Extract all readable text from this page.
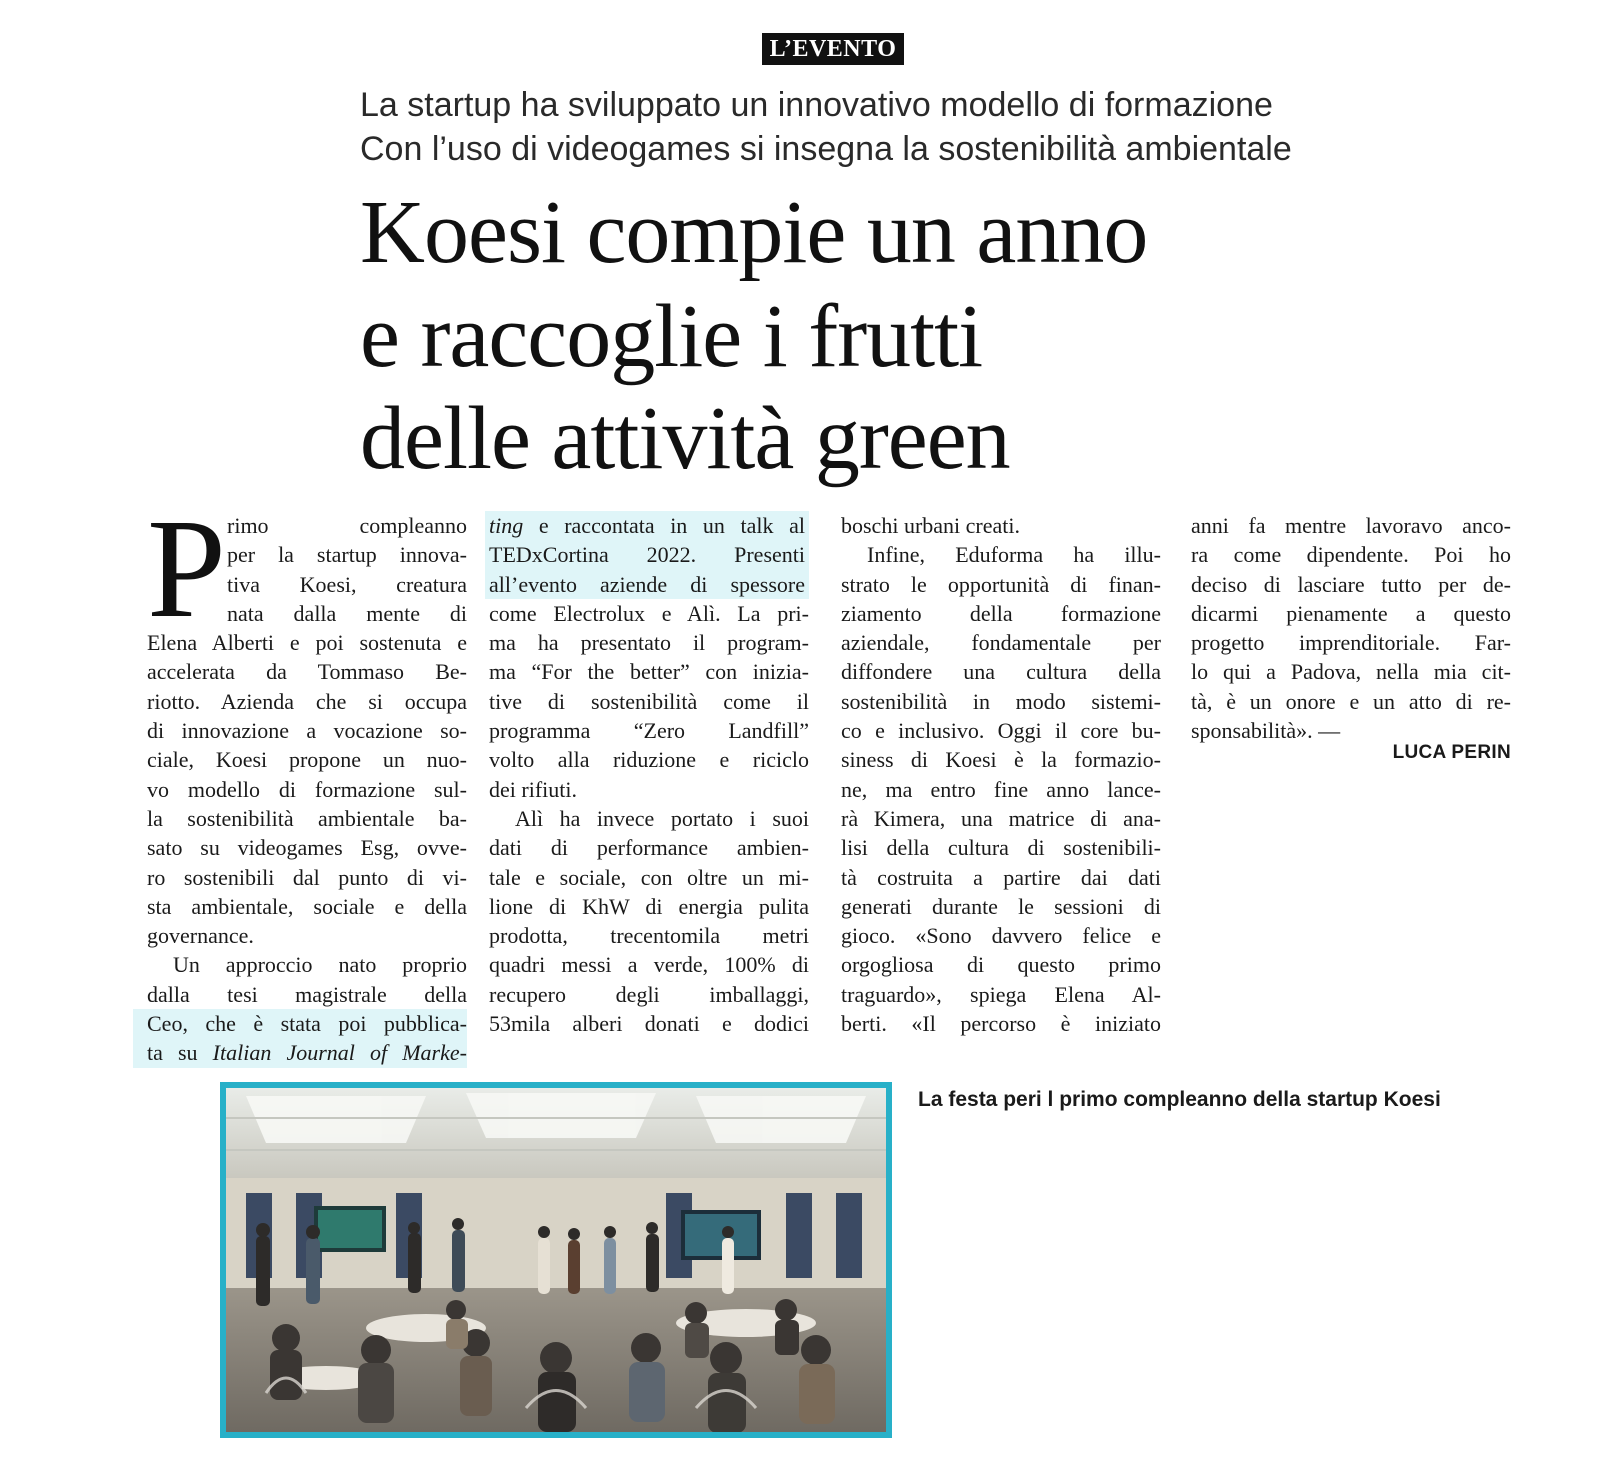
L’EVENTO
La startup ha sviluppato un innovativo modello di formazione
Con l’uso di videogames si insegna la sostenibilità ambientale
Koesi compie un anno
e raccoglie i frutti
delle attività green
P rimo compleanno
per la startup innova-
tiva Koesi, creatura
nata dalla mente di
Elena Alberti e poi sostenuta e
accelerata da Tommaso Be-
riotto. Azienda che si occupa
di innovazione a vocazione so-
ciale, Koesi propone un nuo-
vo modello di formazione sul-
la sostenibilità ambientale ba-
sato su videogames Esg, ovve-
ro sostenibili dal punto di vi-
sta ambientale, sociale e della
governance.
Un approccio nato proprio
dalla tesi magistrale della
Ceo, che è stata poi pubblica-
ta su Italian Journal of Marke-
ting e raccontata in un talk al
TEDxCortina 2022. Presenti
all’evento aziende di spessore
come Electrolux e Alì. La pri-
ma ha presentato il program-
ma “For the better” con inizia-
tive di sostenibilità come il
programma “Zero Landfill”
volto alla riduzione e riciclo
dei rifiuti.
Alì ha invece portato i suoi
dati di performance ambien-
tale e sociale, con oltre un mi-
lione di KhW di energia pulita
prodotta, trecentomila metri
quadri messi a verde, 100% di
recupero degli imballaggi,
53mila alberi donati e dodici
boschi urbani creati.
Infine, Eduforma ha illu-
strato le opportunità di finan-
ziamento della formazione
aziendale, fondamentale per
diffondere una cultura della
sostenibilità in modo sistemi-
co e inclusivo. Oggi il core bu-
siness di Koesi è la formazio-
ne, ma entro fine anno lance-
rà Kimera, una matrice di ana-
lisi della cultura di sostenibili-
tà costruita a partire dai dati
generati durante le sessioni di
gioco. «Sono davvero felice e
orgogliosa di questo primo
traguardo», spiega Elena Al-
berti. «Il percorso è iniziato
anni fa mentre lavoravo anco-
ra come dipendente. Poi ho
deciso di lasciare tutto per de-
dicarmi pienamente a questo
progetto imprenditoriale. Far-
lo qui a Padova, nella mia cit-
tà, è un onore e un atto di re-
sponsabilità». —
LUCA PERIN
La festa peri l primo compleanno della startup Koesi
